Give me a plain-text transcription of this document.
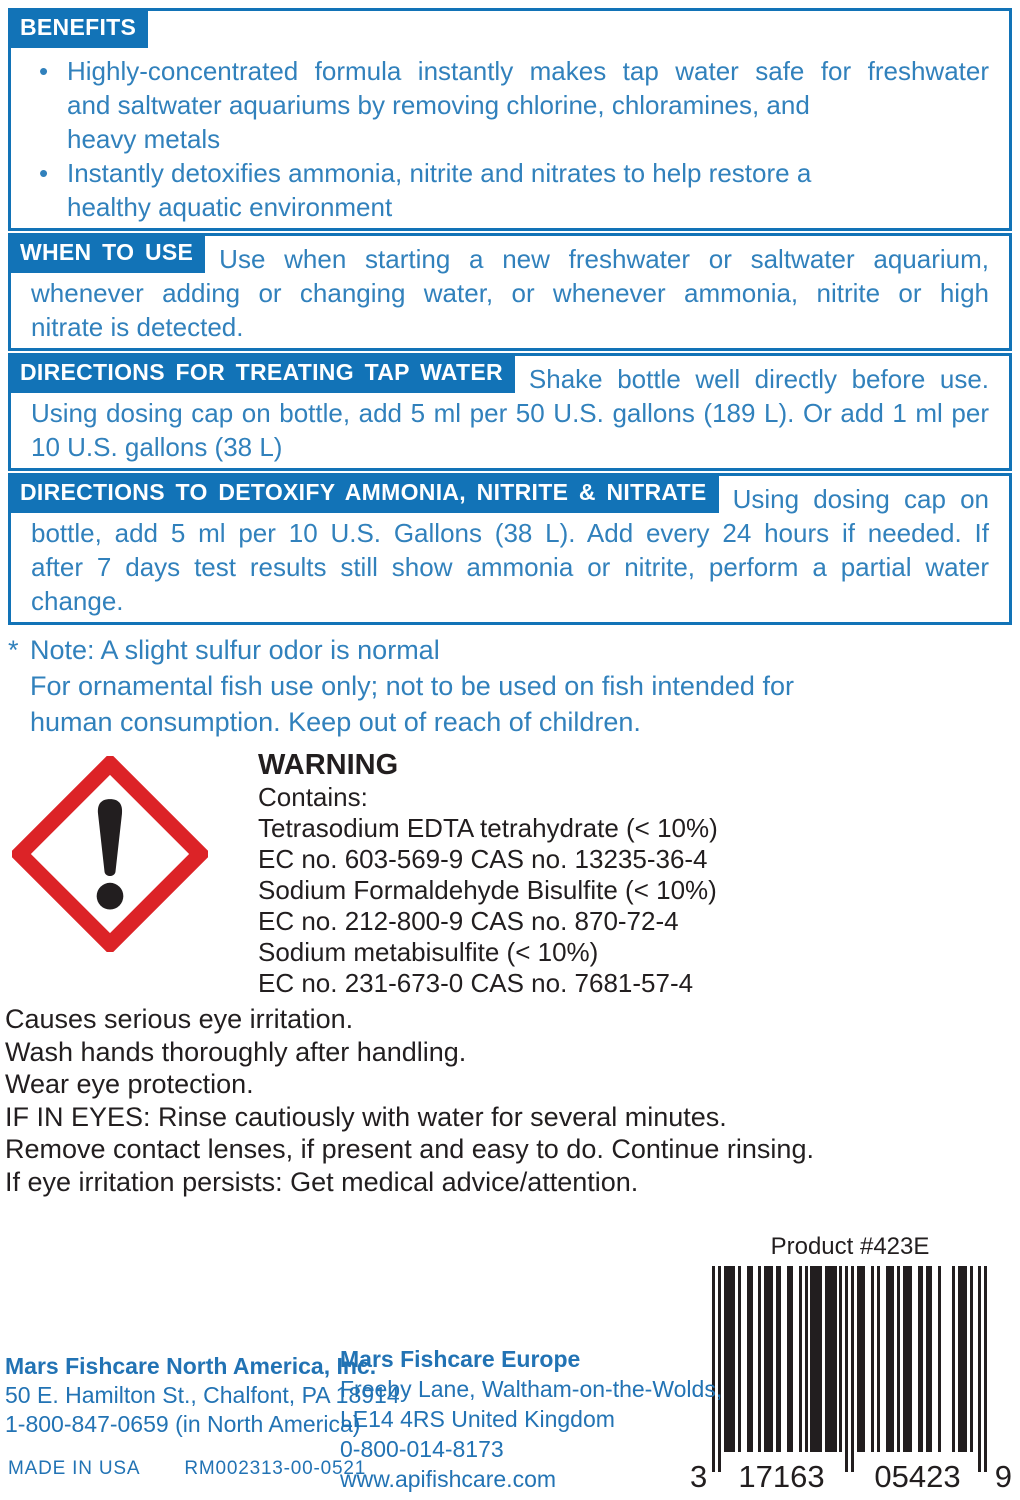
BENEFITS
• Highly-concentrated formula instantly makes tap water safe for freshwater
and saltwater aquariums by removing chlorine, chloramines, and
heavy metals
• Instantly detoxifies ammonia, nitrite and nitrates to help restore a
healthy aquatic environment
WHEN TO USE	Use when starting a new freshwater or saltwater aquarium,
whenever adding or changing water, or whenever ammonia, nitrite or high
nitrate is detected.
DIRECTIONS FOR TREATING TAP WATER	Shake bottle well directly before use.
Using dosing cap on bottle, add 5 ml per 50 U.S. gallons (189 L). Or add 1 ml per
10 U.S. gallons (38 L)
DIRECTIONS TO DETOXIFY AMMONIA, NITRITE & NITRATE	Using dosing cap on
bottle, add 5 ml per 10 U.S. Gallons (38 L). Add every 24 hours if needed. If
after 7 days test results still show ammonia or nitrite, perform a partial water
change.
* Note: A slight sulfur odor is normal
For ornamental fish use only; not to be used on fish intended for
human consumption. Keep out of reach of children.
WARNING
Contains:
Tetrasodium EDTA tetrahydrate (< 10%)
EC no. 603-569-9 CAS no. 13235-36-4
Sodium Formaldehyde Bisulfite (< 10%)
EC no. 212-800-9 CAS no. 870-72-4
Sodium metabisulfite (< 10%)
EC no. 231-673-0 CAS no. 7681-57-4
Causes serious eye irritation.
Wash hands thoroughly after handling.
Wear eye protection.
IF IN EYES: Rinse cautiously with water for several minutes.
Remove contact lenses, if present and easy to do. Continue rinsing.
If eye irritation persists: Get medical advice/attention.
Product #423E
3	17163	05423	9
Mars Fishcare North America, Inc.
50 E. Hamilton St., Chalfont, PA 18914
1-800-847-0659 (in North America)
Mars Fishcare Europe
Freeby Lane, Waltham-on-the-Wolds,
LE14 4RS United Kingdom
0-800-014-8173
www.apifishcare.com
MADE IN USA RM002313-00-0521
